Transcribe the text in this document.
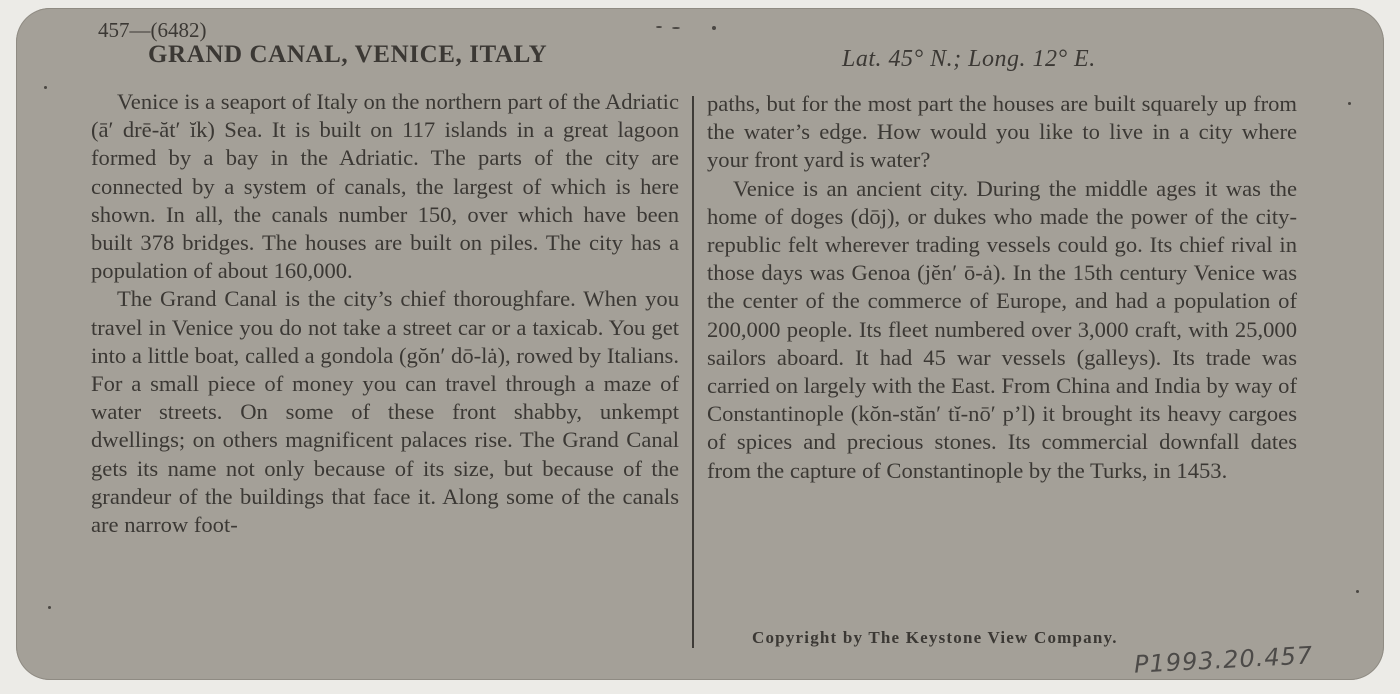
457—(6482)
GRAND CANAL, VENICE, ITALY	Lat. 45° N.; Long. 12° E.

Venice is a seaport of Italy on the northern part of the Adriatic (ā′ drē-ăt′ ĭk) Sea. It is built on 117 islands in a great lagoon formed by a bay in the Adriatic. The parts of the city are connected by a system of canals, the largest of which is here shown. In all, the canals number 150, over which have been built 378 bridges. The houses are built on piles. The city has a population of about 160,000.

The Grand Canal is the city’s chief thoroughfare. When you travel in Venice you do not take a street car or a taxicab. You get into a little boat, called a gondola (gŏn′ dō-lȧ), rowed by Italians. For a small piece of money you can travel through a maze of water streets. On some of these front shabby, unkempt dwellings; on others magnificent palaces rise. The Grand Canal gets its name not only because of its size, but because of the grandeur of the buildings that face it. Along some of the canals are narrow foot-

paths, but for the most part the houses are built squarely up from the water’s edge. How would you like to live in a city where your front yard is water?

Venice is an ancient city. During the middle ages it was the home of doges (dōj), or dukes who made the power of the city-republic felt wherever trading vessels could go. Its chief rival in those days was Genoa (jĕn′ ō-ȧ). In the 15th century Venice was the center of the commerce of Europe, and had a population of 200,000 people. Its fleet numbered over 3,000 craft, with 25,000 sailors aboard. It had 45 war vessels (galleys). Its trade was carried on largely with the East. From China and India by way of Constantinople (kŏn-stăn′ tĭ-nō′ p’l) it brought its heavy cargoes of spices and precious stones. Its commercial downfall dates from the capture of Constantinople by the Turks, in 1453.

Copyright by The Keystone View Company.
P1993.20.457
